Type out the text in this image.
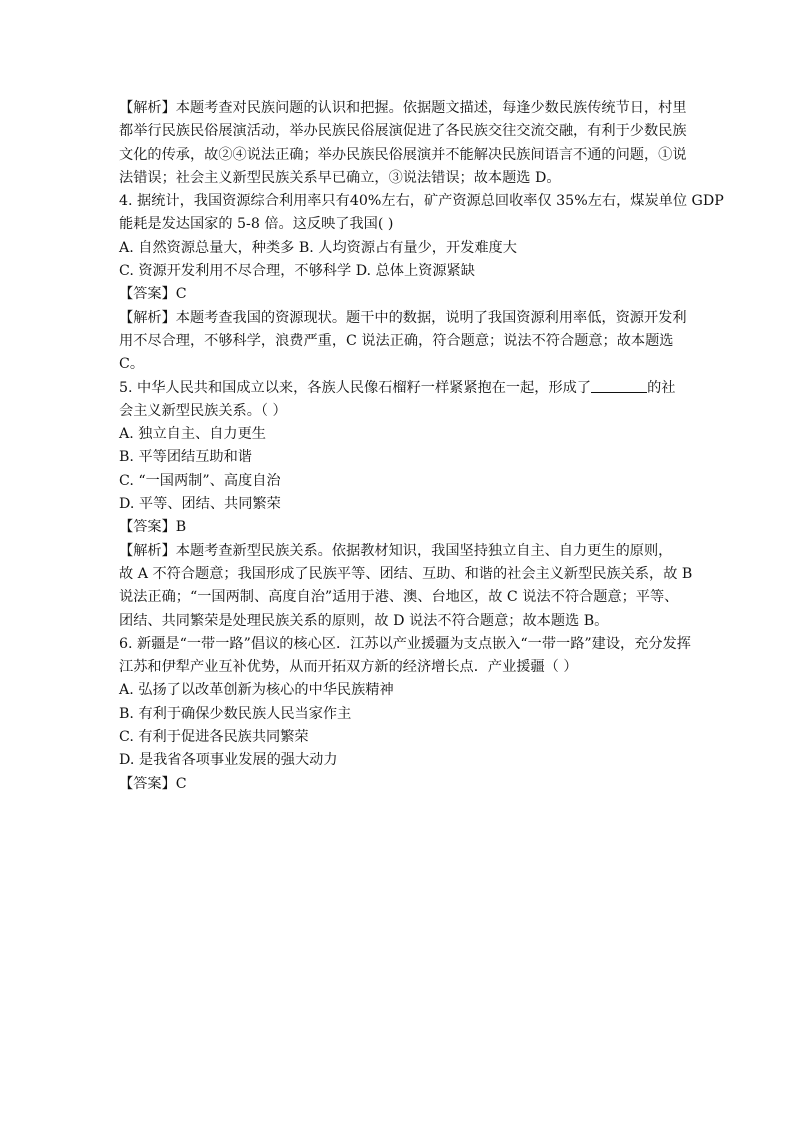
【解析】本题考查对民族问题的认识和把握。依据题文描述，每逢少数民族传统节日，村里
都举行民族民俗展演活动，举办民族民俗展演促进了各民族交往交流交融，有利于少数民族
文化的传承，故②④说法正确；举办民族民俗展演并不能解决民族间语言不通的问题，①说
法错误；社会主义新型民族关系早已确立，③说法错误；故本题选 D。
4. 据统计，我国资源综合利用率只有40%左右，矿产资源总回收率仅 35%左右，煤炭单位 GDP
能耗是发达国家的 5-8 倍。这反映了我国( )
A. 自然资源总量大，种类多 B. 人均资源占有量少，开发难度大
C. 资源开发利用不尽合理，不够科学 D. 总体上资源紧缺
【答案】C
【解析】本题考查我国的资源现状。题干中的数据，说明了我国资源利用率低，资源开发利
用不尽合理，不够科学，浪费严重，C 说法正确，符合题意；说法不符合题意；故本题选
C。
5. 中华人民共和国成立以来，各族人民像石榴籽一样紧紧抱在一起，形成了	的社
会主义新型民族关系。（ ）
A. 独立自主、自力更生
B. 平等团结互助和谐
C. “一国两制”、高度自治
D. 平等、团结、共同繁荣
【答案】B
【解析】本题考查新型民族关系。依据教材知识，我国坚持独立自主、自力更生的原则，
故 A 不符合题意；我国形成了民族平等、团结、互助、和谐的社会主义新型民族关系，故 B
说法正确；“一国两制、高度自治”适用于港、澳、台地区，故 C 说法不符合题意；平等、
团结、共同繁荣是处理民族关系的原则，故 D 说法不符合题意；故本题选 B。
6. 新疆是“一带一路”倡议的核心区．江苏以产业援疆为支点嵌入“一带一路”建设，充分发挥
江苏和伊犁产业互补优势，从而开拓双方新的经济增长点．产业援疆（ ）
A. 弘扬了以改革创新为核心的中华民族精神
B. 有利于确保少数民族人民当家作主
C. 有利于促进各民族共同繁荣
D. 是我省各项事业发展的强大动力
【答案】C
